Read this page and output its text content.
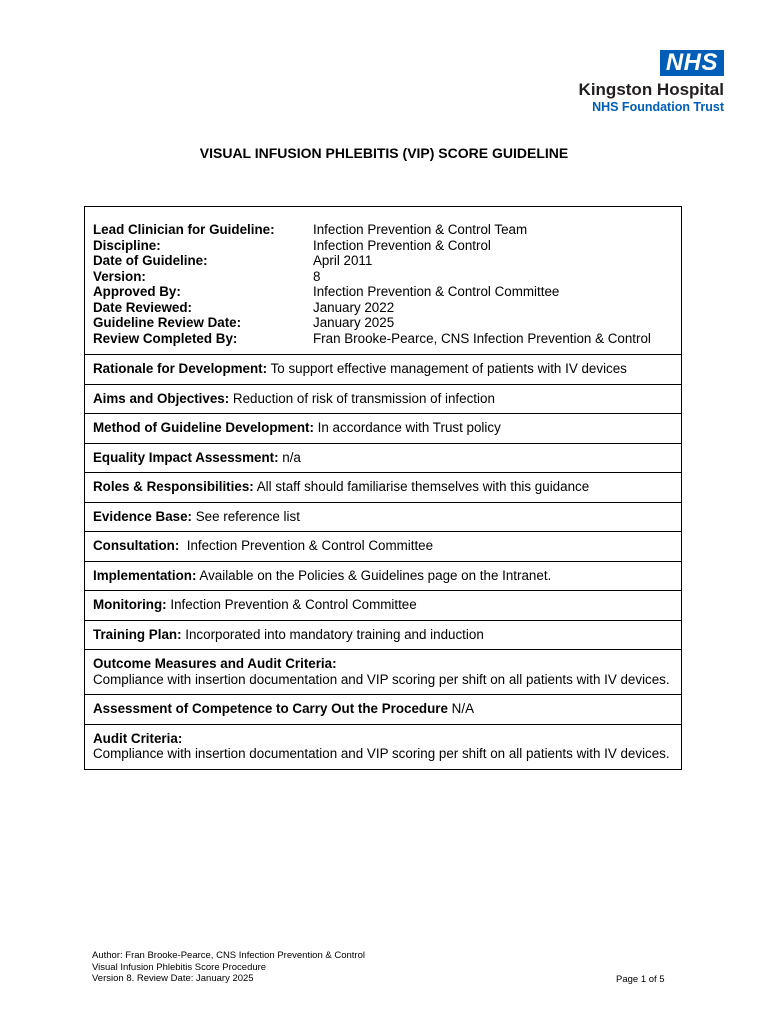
NHS
Kingston Hospital
NHS Foundation Trust
VISUAL INFUSION PHLEBITIS (VIP) SCORE GUIDELINE
Lead Clinician for Guideline:	Infection Prevention & Control Team
Discipline:	Infection Prevention & Control
Date of Guideline:	April 2011
Version:	8
Approved By:	Infection Prevention & Control Committee
Date Reviewed:	January 2022
Guideline Review Date:	January 2025
Review Completed By:	Fran Brooke-Pearce, CNS Infection Prevention & Control

Rationale for Development: To support effective management of patients with IV devices
Aims and Objectives: Reduction of risk of transmission of infection
Method of Guideline Development: In accordance with Trust policy
Equality Impact Assessment: n/a
Roles & Responsibilities: All staff should familiarise themselves with this guidance
Evidence Base: See reference list
Consultation:  Infection Prevention & Control Committee
Implementation: Available on the Policies & Guidelines page on the Intranet.
Monitoring: Infection Prevention & Control Committee
Training Plan: Incorporated into mandatory training and induction

Outcome Measures and Audit Criteria:
Compliance with insertion documentation and VIP scoring per shift on all patients with IV devices.

Assessment of Competence to Carry Out the Procedure N/A

Audit Criteria:
Compliance with insertion documentation and VIP scoring per shift on all patients with IV devices.
Author: Fran Brooke-Pearce, CNS Infection Prevention & Control
Visual Infusion Phlebitis Score Procedure
Version 8. Review Date: January 2025	Page 1 of 5
